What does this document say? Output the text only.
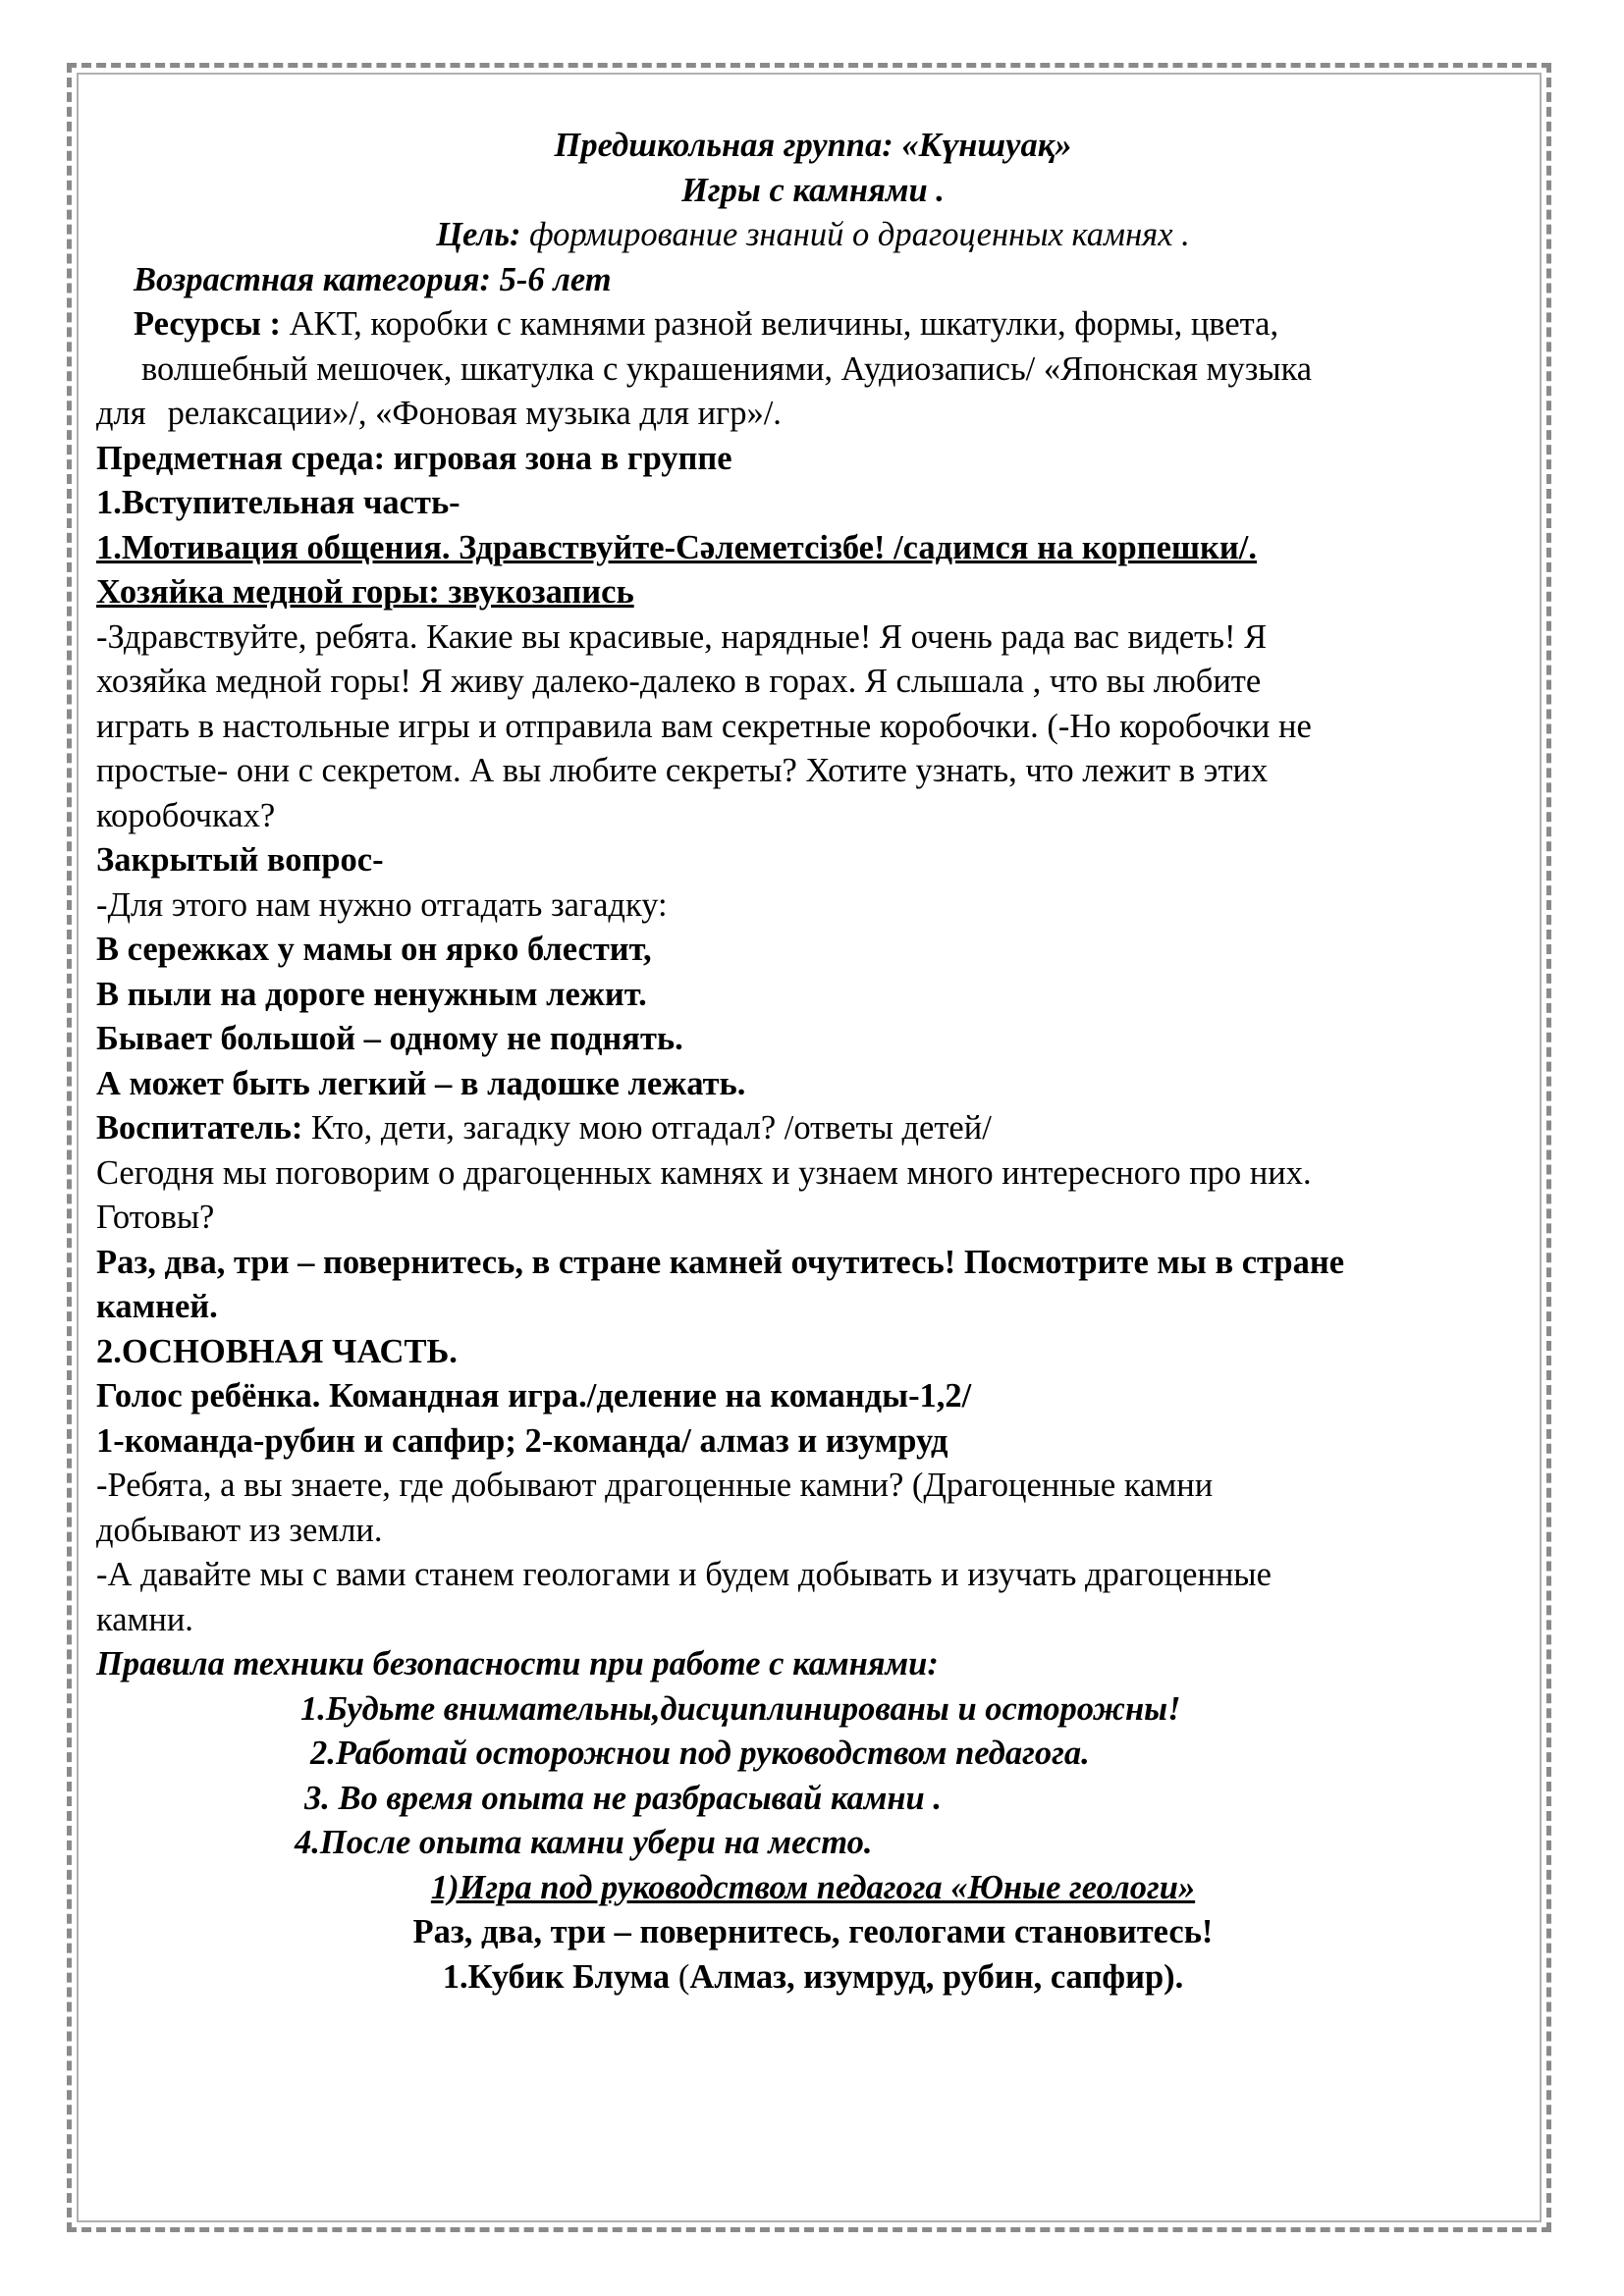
Предшкольная группа: «Күншуақ»

Игры с камнями .

Цель: формирование знаний о драгоценных камнях .

Возрастная категория: 5-6 лет

Ресурсы : АКТ, коробки с камнями разной величины, шкатулки, формы, цвета,

волшебный мешочек, шкатулка с украшениями, Аудиозапись/ «Японская музыка

для релаксации»/, «Фоновая музыка для игр»/.

Предметная среда: игровая зона в группе

1.Вступительная часть-

1.Мотивация общения. Здравствуйте-Сәлеметсізбе! /садимся на корпешки/.

Хозяйка медной горы: звукозапись

-Здравствуйте, ребята. Какие вы красивые, нарядные! Я очень рада вас видеть! Я

хозяйка медной горы! Я живу далеко-далеко в горах. Я слышала , что вы любите

играть в настольные игры и отправила вам секретные коробочки. (-Но коробочки не

простые- они с секретом. А вы любите секреты? Хотите узнать, что лежит в этих

коробочках?

Закрытый вопрос-

-Для этого нам нужно отгадать загадку:

В сережках у мамы он ярко блестит,

В пыли на дороге ненужным лежит.

Бывает большой – одному не поднять.

А может быть легкий – в ладошке лежать.

Воспитатель: Кто, дети, загадку мою отгадал? /ответы детей/

Сегодня мы поговорим о драгоценных камнях и узнаем много интересного про них.

Готовы?

Раз, два, три – повернитесь, в стране камней очутитесь! Посмотрите мы в стране

камней.

2.ОСНОВНАЯ ЧАСТЬ.

Голос ребёнка. Командная игра./деление на команды-1,2/

1-команда-рубин и сапфир; 2-команда/ алмаз и изумруд

-Ребята, а вы знаете, где добывают драгоценные камни? (Драгоценные камни

добывают из земли.

-А давайте мы с вами станем геологами и будем добывать и изучать драгоценные

камни.

Правила техники безопасности при работе с камнями:

1.Будьте внимательны,дисциплинированы и осторожны!

2.Работай осторожнои под руководством педагога.

3. Во время опыта не разбрасывай камни .

4.После опыта камни убери на место.

1)Игра под руководством педагога «Юные геологи»

Раз, два, три – повернитесь, геологами становитесь!

1.Кубик Блума (Алмаз, изумруд, рубин, сапфир).
